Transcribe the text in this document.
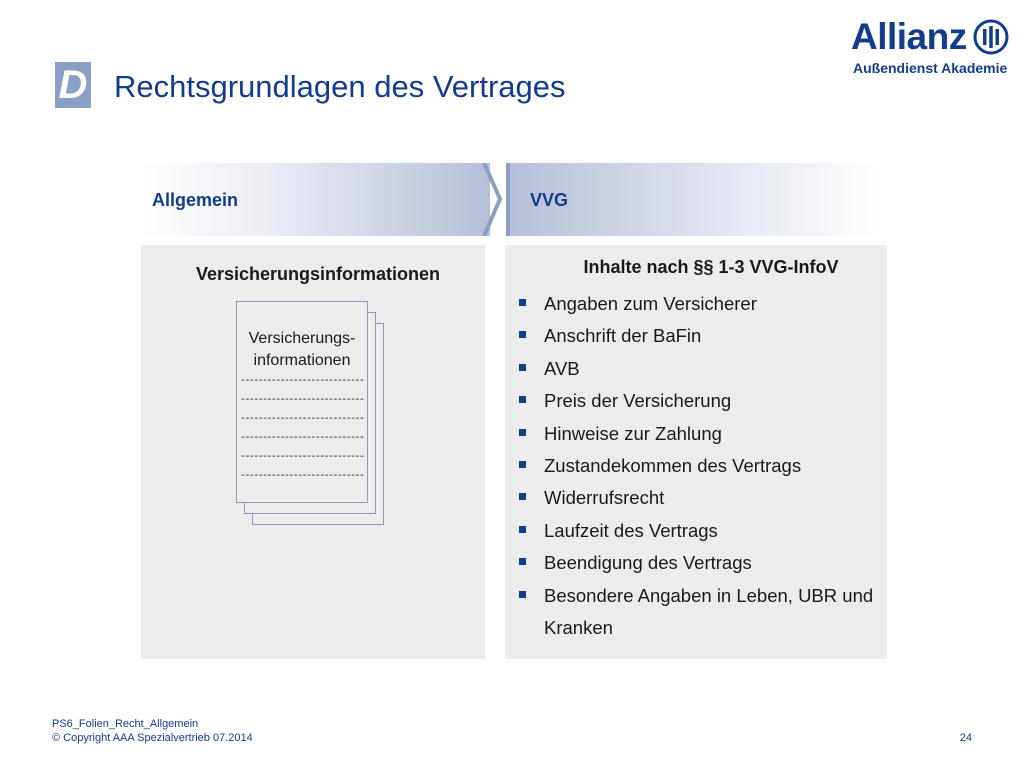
D Rechtsgrundlagen des Vertrages
Allianz
Außendienst Akademie
Allgemein	VVG
Versicherungsinformationen
Versicherungs-
informationen
----------------------------
----------------------------
----------------------------
----------------------------
----------------------------
----------------------------
Inhalte nach §§ 1-3 VVG-InfoV
Angaben zum Versicherer
Anschrift der BaFin
AVB
Preis der Versicherung
Hinweise zur Zahlung
Zustandekommen des Vertrags
Widerrufsrecht
Laufzeit des Vertrags
Beendigung des Vertrags
Besondere Angaben in Leben, UBR und Kranken
PS6_Folien_Recht_Allgemein
© Copyright AAA Spezialvertrieb 07.2014	24
